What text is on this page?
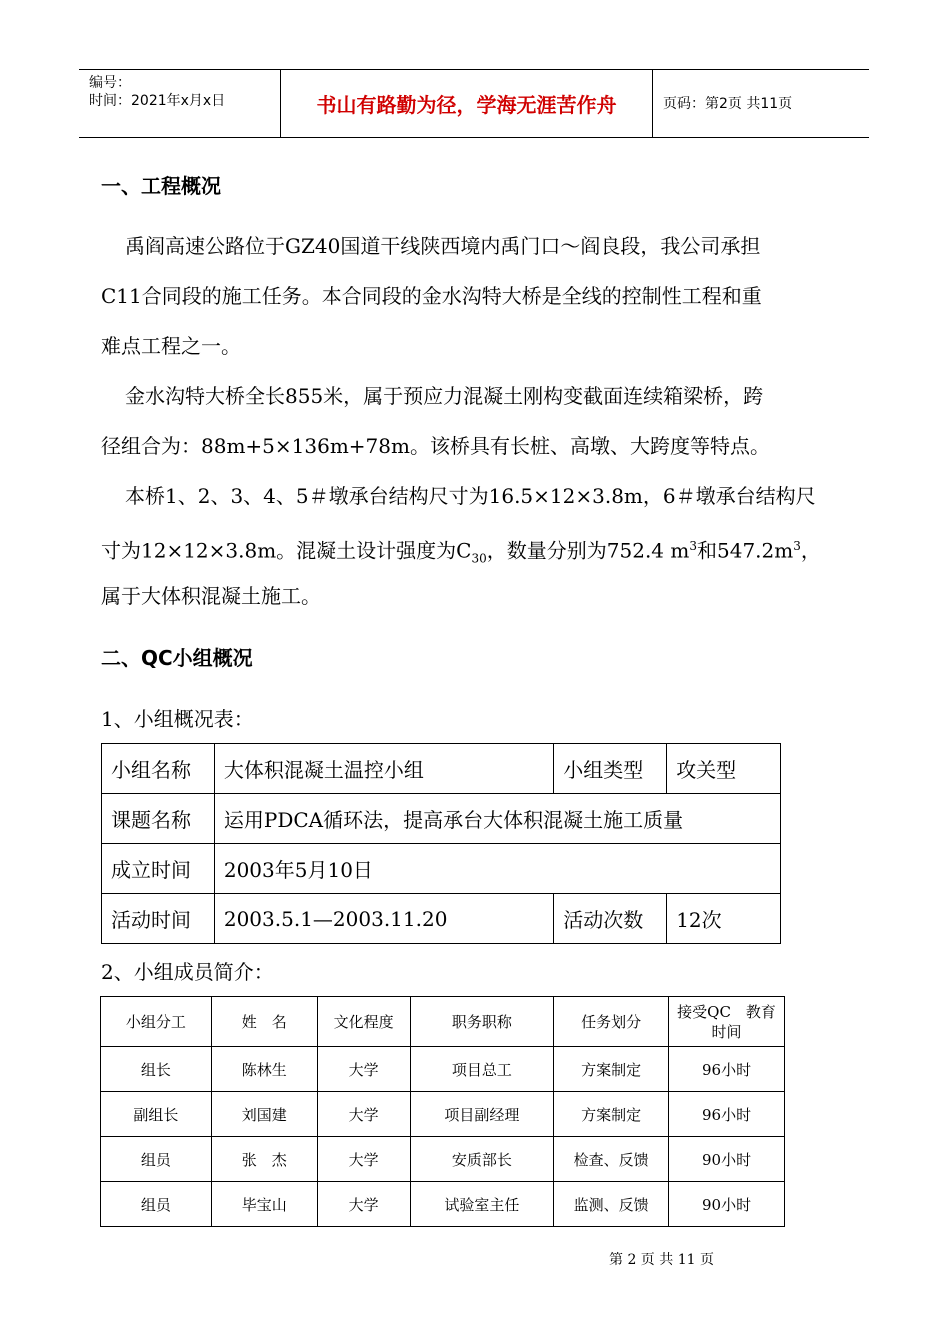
编号：
时间：2021年x月x日	书山有路勤为径，学海无涯苦作舟	页码：第2页 共11页
一、工程概况
禹阎高速公路位于GZ40国道干线陕西境内禹门口～阎良段，我公司承担
C11合同段的施工任务。本合同段的金水沟特大桥是全线的控制性工程和重
难点工程之一。
金水沟特大桥全长855米，属于预应力混凝土刚构变截面连续箱梁桥，跨
径组合为：88m+5×136m+78m。该桥具有长桩、高墩、大跨度等特点。
本桥1、2、3、4、5＃墩承台结构尺寸为16.5×12×3.8m，6＃墩承台结构尺
寸为12×12×3.8m。混凝土设计强度为$C_{30}$，数量分别为752.4 $m^3$和$547.2m^3$，
属于大体积混凝土施工。
二、QC小组概况
1、小组概况表：
小组名称	大体积混凝土温控小组	小组类型	攻关型
课题名称	运用PDCA循环法，提高承台大体积混凝土施工质量		
成立时间	2003年5月10日		
活动时间	2003.5.1—2003.11.20	活动次数	12次
2、小组成员简介：
小组分工	姓　名	文化程度	职务职称	任务划分	接受QC　教育时间
组长	陈林生	大学	项目总工	方案制定	96小时
副组长	刘国建	大学	项目副经理	方案制定	96小时
组员	张　杰	大学	安质部长	检查、反馈	90小时
组员	毕宝山	大学	试验室主任	监测、反馈	90小时
第 2 页 共 11 页
